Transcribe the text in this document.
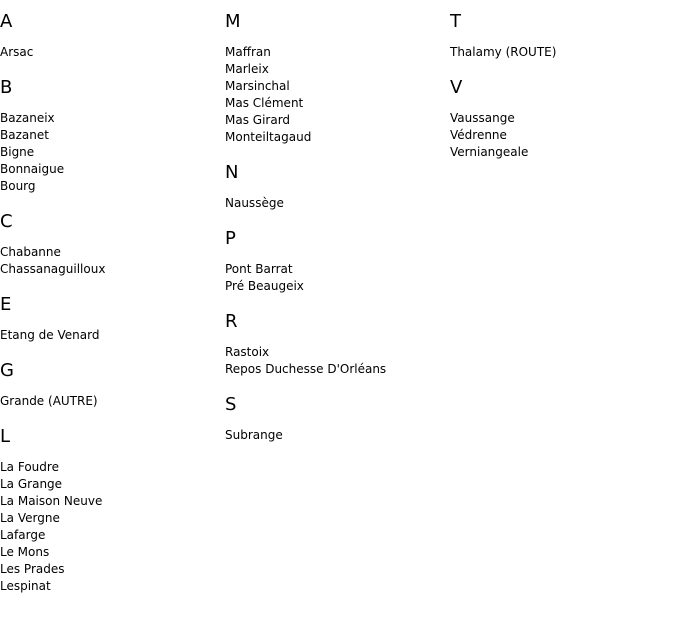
A
Arsac
B
Bazaneix
Bazanet
Bigne
Bonnaigue
Bourg
C
Chabanne
Chassanaguilloux
E
Etang de Venard
G
Grande (AUTRE)
L
La Foudre
La Grange
La Maison Neuve
La Vergne
Lafarge
Le Mons
Les Prades
Lespinat
M
Maffran
Marleix
Marsinchal
Mas Clément
Mas Girard
Monteiltagaud
N
Naussège
P
Pont Barrat
Pré Beaugeix
R
Rastoix
Repos Duchesse D'Orléans
S
Subrange
T
Thalamy (ROUTE)
V
Vaussange
Védrenne
Verniangeale
